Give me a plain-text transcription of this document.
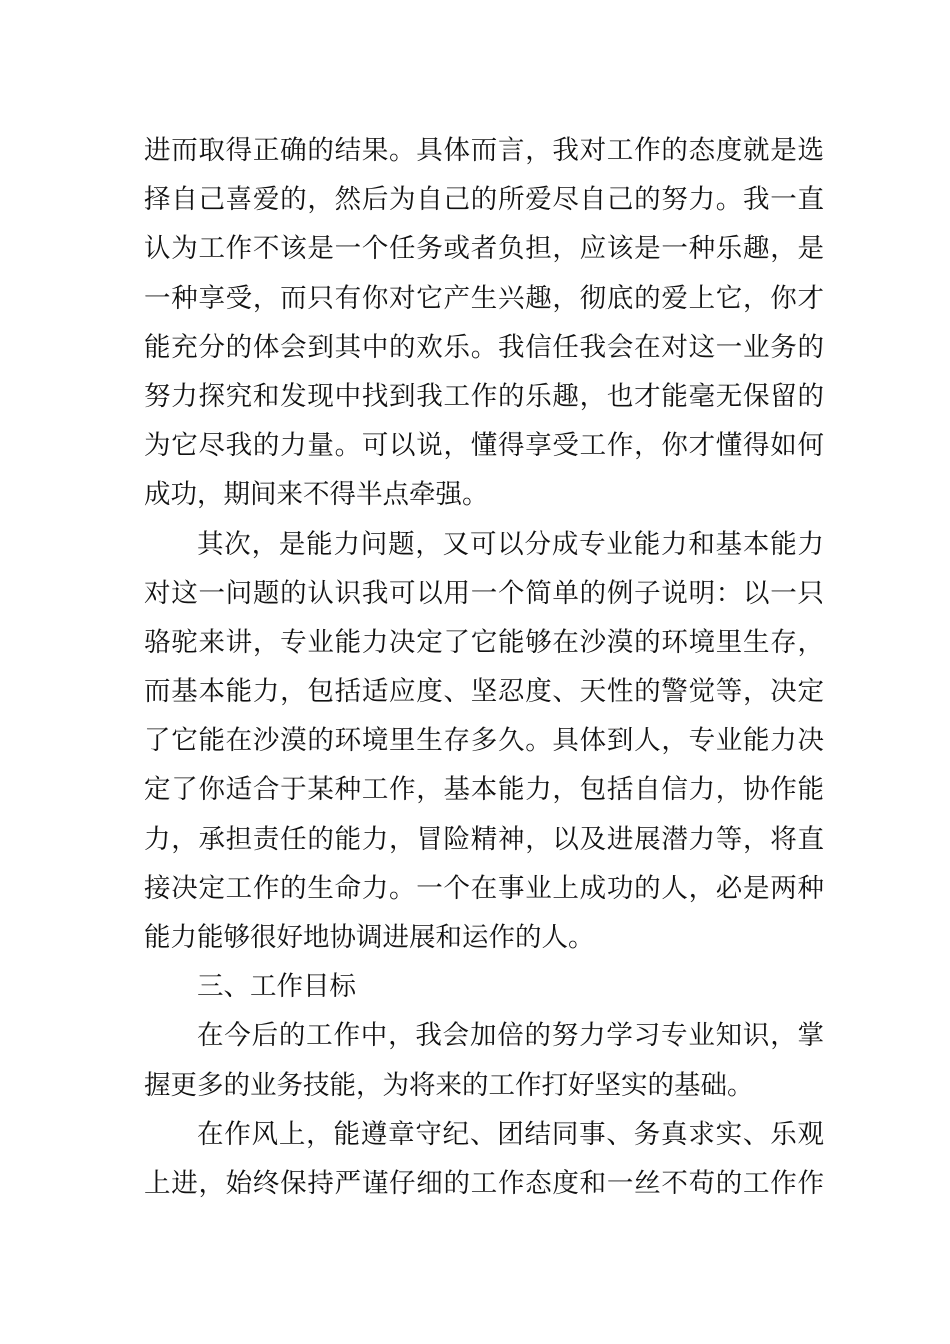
进而取得正确的结果。具体而言，我对工作的态度就是选
择自己喜爱的，然后为自己的所爱尽自己的努力。我一直
认为工作不该是一个任务或者负担，应该是一种乐趣，是
一种享受，而只有你对它产生兴趣，彻底的爱上它，你才
能充分的体会到其中的欢乐。我信任我会在对这一业务的
努力探究和发现中找到我工作的乐趣，也才能毫无保留的
为它尽我的力量。可以说，懂得享受工作，你才懂得如何
成功，期间来不得半点牵强。
其次，是能力问题，又可以分成专业能力和基本能力
对这一问题的认识我可以用一个简单的例子说明：以一只
骆驼来讲，专业能力决定了它能够在沙漠的环境里生存，
而基本能力，包括适应度、坚忍度、天性的警觉等，决定
了它能在沙漠的环境里生存多久。具体到人，专业能力决
定了你适合于某种工作，基本能力，包括自信力，协作能
力，承担责任的能力，冒险精神，以及进展潜力等，将直
接决定工作的生命力。一个在事业上成功的人，必是两种
能力能够很好地协调进展和运作的人。
三、工作目标
在今后的工作中，我会加倍的努力学习专业知识，掌
握更多的业务技能，为将来的工作打好坚实的基础。
在作风上，能遵章守纪、团结同事、务真求实、乐观
上进，始终保持严谨仔细的工作态度和一丝不苟的工作作
